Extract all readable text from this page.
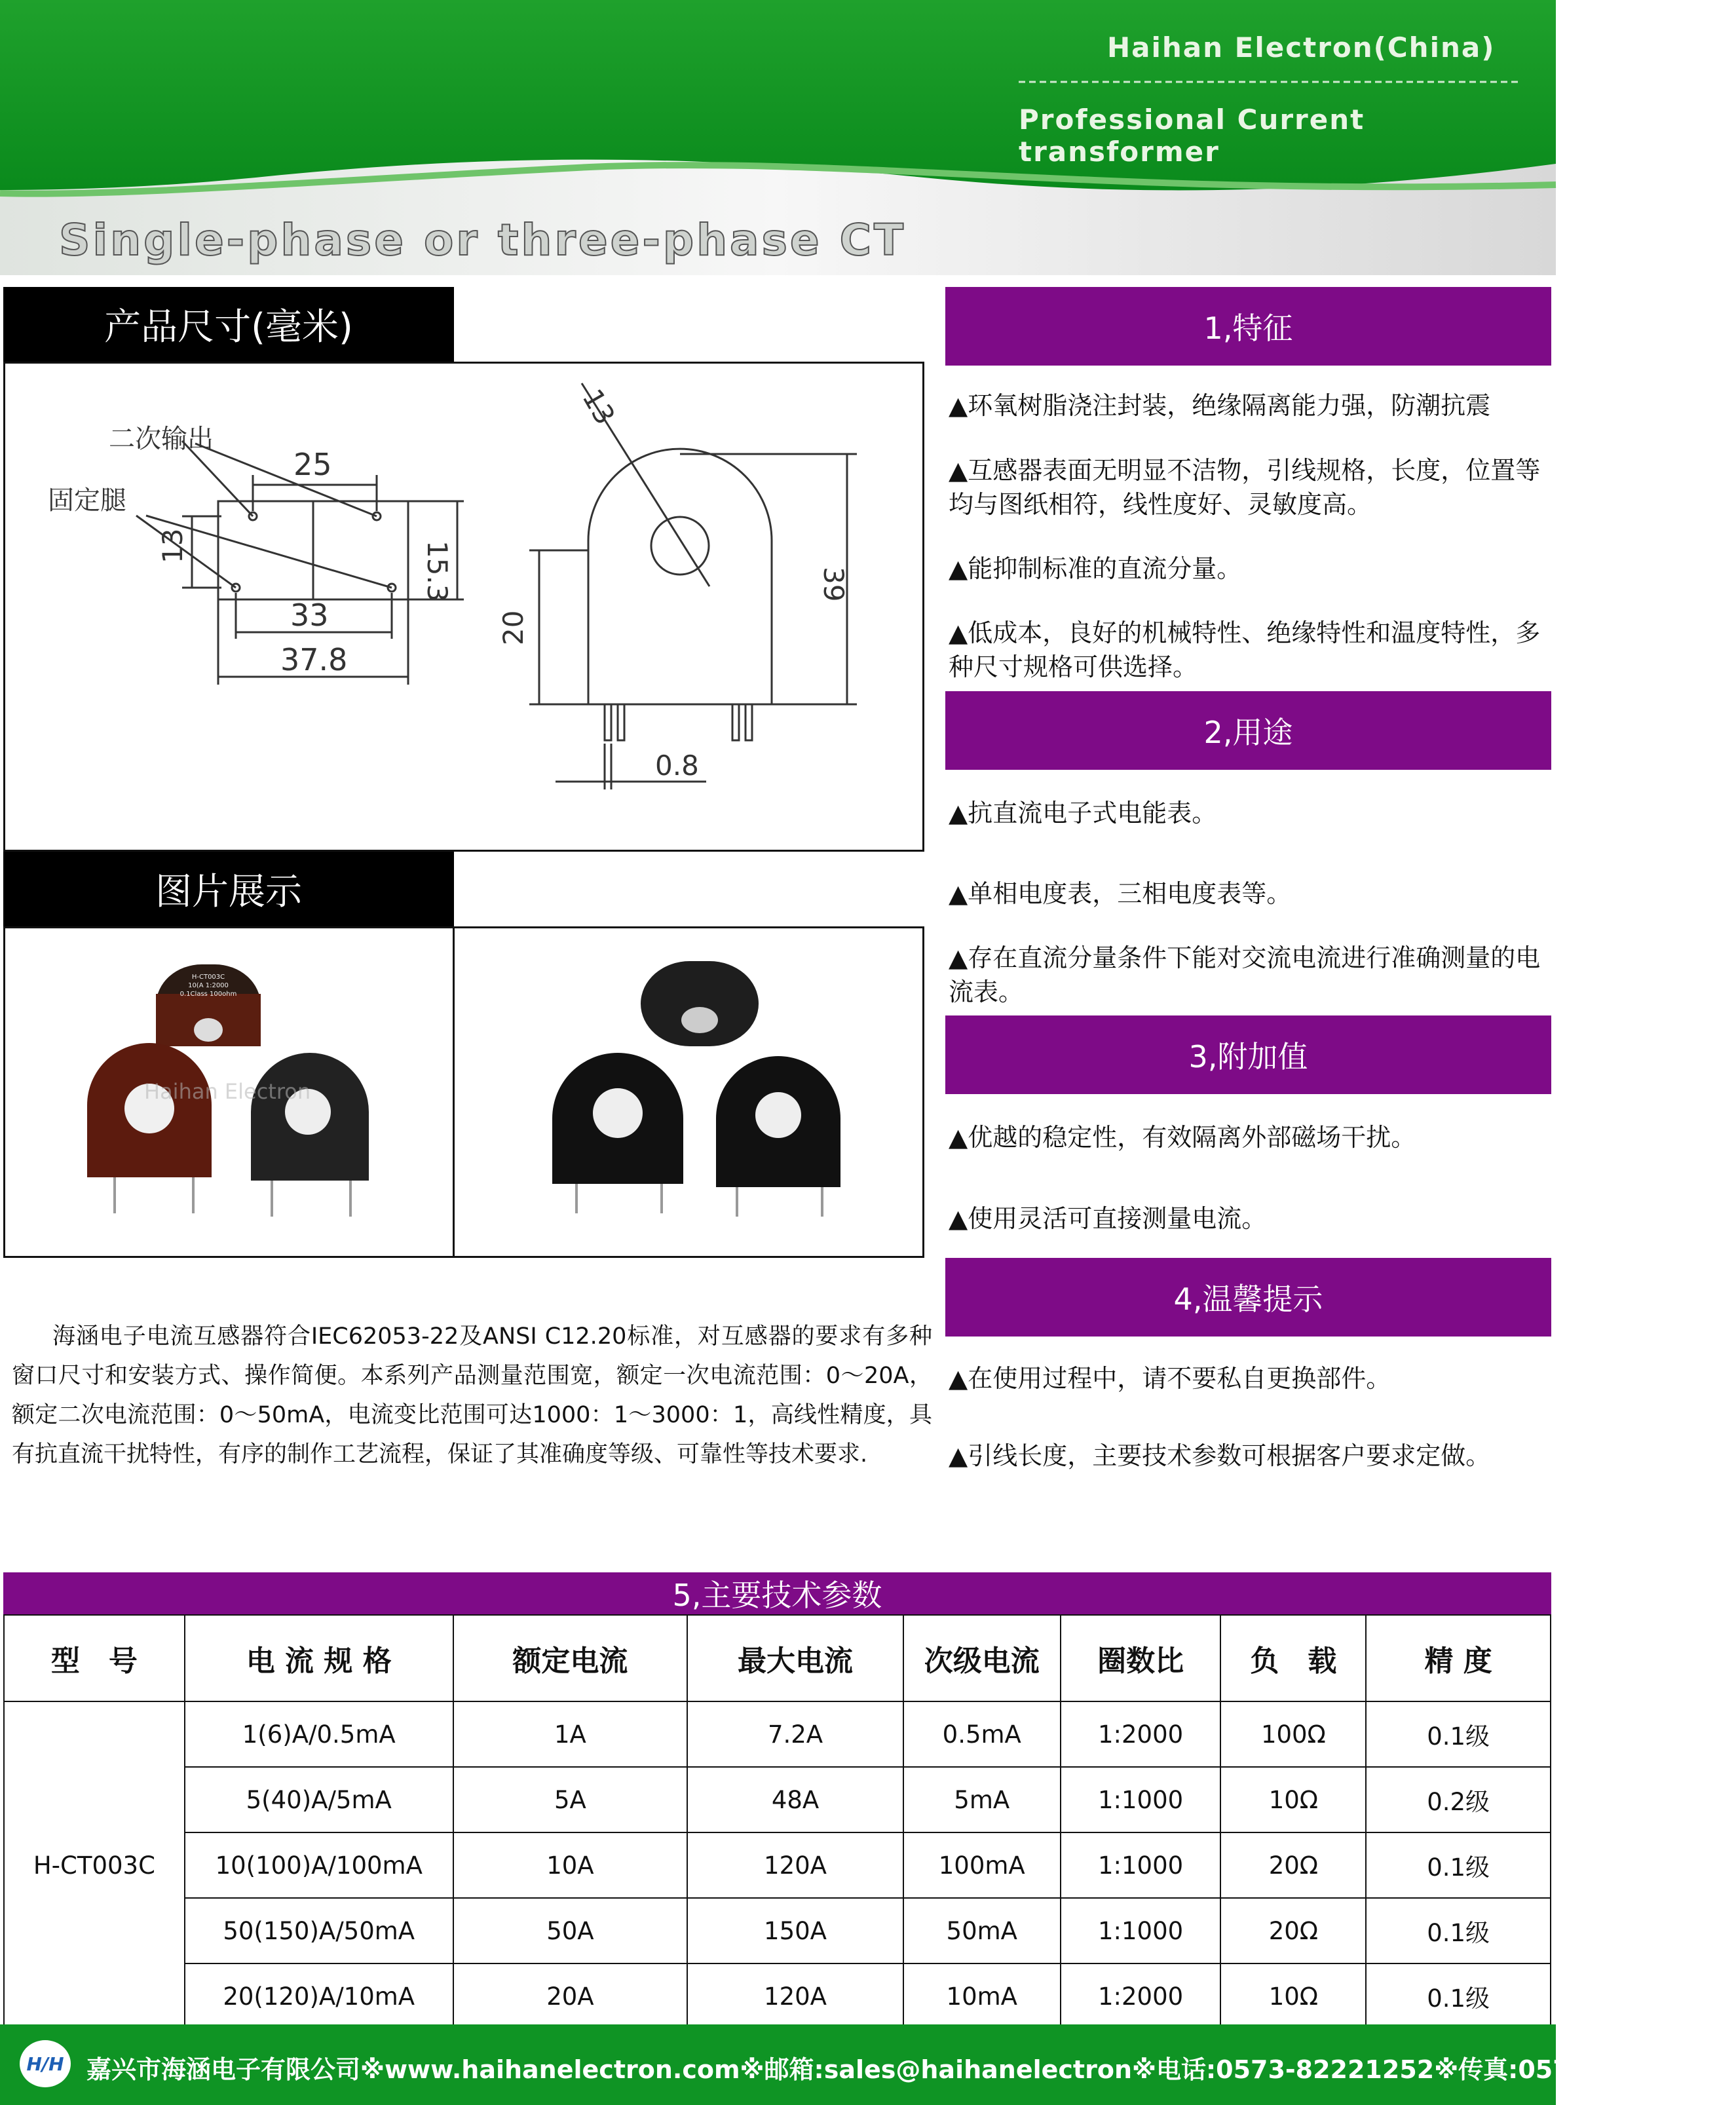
Haihan Electron(China)
Professional Current transformer
Single-phase or three-phase CT
产品尺寸(毫米)
二次输出
固定腿
25
13	15.3
33
37.8
13
20
39
0.8
图片展示
H-CT003C
10(A 1:2000
0.1Class 100ohm
Haihan Electron
海涵电子电流互感器符合IEC62053-22及ANSI C12.20标准，对互感器的要求有多种窗口尺寸和安装方式、操作简便。本系列产品测量范围宽，额定一次电流范围：0～20A，额定二次电流范围：0～50mA，电流变比范围可达1000：1～3000：1，高线性精度，具有抗直流干扰特性，有序的制作工艺流程，保证了其准确度等级、可靠性等技术要求.
1,特征
▲环氧树脂浇注封装，绝缘隔离能力强，防潮抗震
▲互感器表面无明显不洁物，引线规格，长度，位置等均与图纸相符，线性度好、灵敏度高。
▲能抑制标准的直流分量。
▲低成本，良好的机械特性、绝缘特性和温度特性，多种尺寸规格可供选择。
2,用途
▲抗直流电子式电能表。
▲单相电度表，三相电度表等。
▲存在直流分量条件下能对交流电流进行准确测量的电流表。
3,附加值
▲优越的稳定性，有效隔离外部磁场干扰。
▲使用灵活可直接测量电流。
4,温馨提示
▲在使用过程中，请不要私自更换部件。
▲引线长度，主要技术参数可根据客户要求定做。
5,主要技术参数
型　号	电 流 规 格	额定电流	最大电流	次级电流	圈数比	负　载	精 度
H-CT003C	1(6)A/0.5mA	1A	7.2A	0.5mA	1:2000	100Ω	0.1级
	5(40)A/5mA	5A	48A	5mA	1:1000	10Ω	0.2级
	10(100)A/100mA	10A	120A	100mA	1:1000	20Ω	0.1级
	50(150)A/50mA	50A	150A	50mA	1:1000	20Ω	0.1级
	20(120)A/10mA	20A	120A	10mA	1:2000	10Ω	0.1级
H/H 嘉兴市海涵电子有限公司※www.haihanelectron.com※邮箱:sales@haihanelectron※电话:0573-82221252※传真:0573-82220773
